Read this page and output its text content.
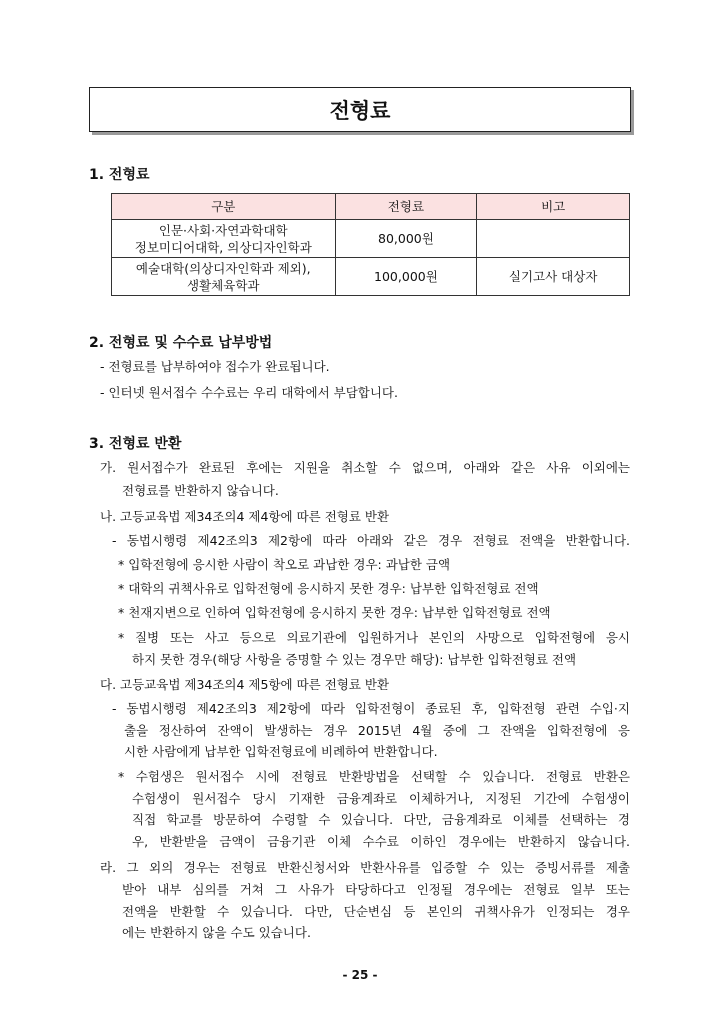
전형료
1. 전형료
구분	전형료	비고

인문·사회·자연과학대학
정보미디어대학, 의상디자인학과	80,000원	

예술대학(의상디자인학과 제외),
생활체육학과	100,000원	실기고사 대상자
2. 전형료 및 수수료 납부방법
- 전형료를 납부하여야 접수가 완료됩니다.
- 인터넷 원서접수 수수료는 우리 대학에서 부담합니다.
3. 전형료 반환
가. 원서접수가 완료된 후에는 지원을 취소할 수 없으며, 아래와 같은 사유 이외에는
전형료를 반환하지 않습니다.
나. 고등교육법 제34조의4 제4항에 따른 전형료 반환
- 동법시행령 제42조의3 제2항에 따라 아래와 같은 경우 전형료 전액을 반환합니다.
* 입학전형에 응시한 사람이 착오로 과납한 경우: 과납한 금액
* 대학의 귀책사유로 입학전형에 응시하지 못한 경우: 납부한 입학전형료 전액
* 천재지변으로 인하여 입학전형에 응시하지 못한 경우: 납부한 입학전형료 전액
* 질병 또는 사고 등으로 의료기관에 입원하거나 본인의 사망으로 입학전형에 응시
하지 못한 경우(해당 사항을 증명할 수 있는 경우만 해당): 납부한 입학전형료 전액
다. 고등교육법 제34조의4 제5항에 따른 전형료 반환
- 동법시행령 제42조의3 제2항에 따라 입학전형이 종료된 후, 입학전형 관련 수입·지
출을 정산하여 잔액이 발생하는 경우 2015년 4월 중에 그 잔액을 입학전형에 응
시한 사람에게 납부한 입학전형료에 비례하여 반환합니다.
* 수험생은 원서접수 시에 전형료 반환방법을 선택할 수 있습니다. 전형료 반환은
수험생이 원서접수 당시 기재한 금융계좌로 이체하거나, 지정된 기간에 수험생이
직접 학교를 방문하여 수령할 수 있습니다. 다만, 금융계좌로 이체를 선택하는 경
우, 반환받을 금액이 금융기관 이체 수수료 이하인 경우에는 반환하지 않습니다.
라. 그 외의 경우는 전형료 반환신청서와 반환사유를 입증할 수 있는 증빙서류를 제출
받아 내부 심의를 거쳐 그 사유가 타당하다고 인정될 경우에는 전형료 일부 또는
전액을 반환할 수 있습니다. 다만, 단순변심 등 본인의 귀책사유가 인정되는 경우
에는 반환하지 않을 수도 있습니다.
- 25 -
